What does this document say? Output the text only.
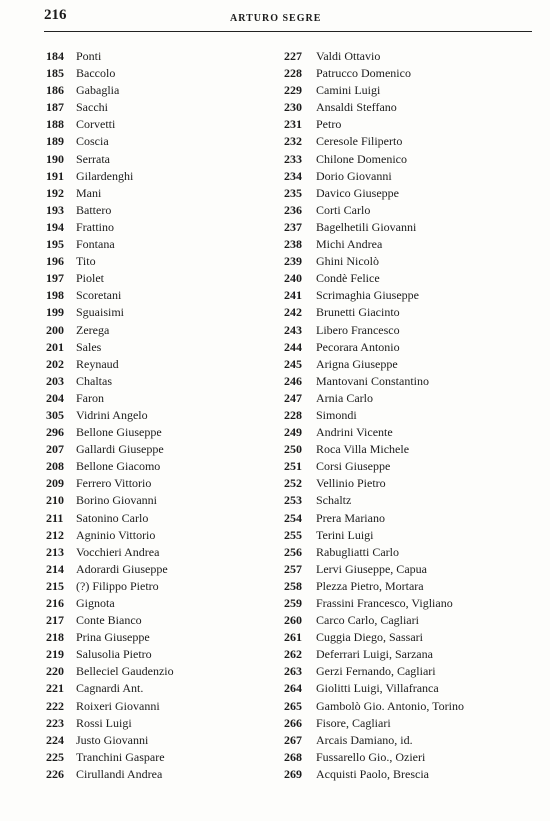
216	ARTURO SEGRE
184 Ponti
185 Baccolo
186 Gabaglia
187 Sacchi
188 Corvetti
189 Coscia
190 Serrata
191 Gilardenghi
192 Mani
193 Battero
194 Frattino
195 Fontana
196 Tito
197 Piolet
198 Scoretani
199 Sguaisimi
200 Zerega
201 Sales
202 Reynaud
203 Chaltas
204 Faron
305 Vidrini Angelo
296 Bellone Giuseppe
207 Gallardi Giuseppe
208 Bellone Giacomo
209 Ferrero Vittorio
210 Borino Giovanni
211 Satonino Carlo
212 Agninio Vittorio
213 Vocchieri Andrea
214 Adorardi Giuseppe
215 (?) Filippo Pietro
216 Gignota
217 Conte Bianco
218 Prina Giuseppe
219 Salusolia Pietro
220 Belleciel Gaudenzio
221 Cagnardi Ant.
222 Roixeri Giovanni
223 Rossi Luigi
224 Justo Giovanni
225 Tranchini Gaspare
226 Cirullandi Andrea
227 Valdi Ottavio
228 Patrucco Domenico
229 Camini Luigi
230 Ansaldi Steffano
231 Petro
232 Ceresole Filiperto
233 Chilone Domenico
234 Dorio Giovanni
235 Davico Giuseppe
236 Corti Carlo
237 Bagelhetili Giovanni
238 Michi Andrea
239 Ghini Nicolò
240 Condè Felice
241 Scrimaghia Giuseppe
242 Brunetti Giacinto
243 Libero Francesco
244 Pecorara Antonio
245 Arigna Giuseppe
246 Mantovani Constantino
247 Arnia Carlo
228 Simondi
249 Andrini Vicente
250 Roca Villa Michele
251 Corsi Giuseppe
252 Vellinio Pietro
253 Schaltz
254 Prera Mariano
255 Terini Luigi
256 Rabugliatti Carlo
257 Lervi Giuseppe, Capua
258 Plezza Pietro, Mortara
259 Frassini Francesco, Vigliano
260 Carco Carlo, Cagliari
261 Cuggia Diego, Sassari
262 Deferrari Luigi, Sarzana
263 Gerzi Fernando, Cagliari
264 Giolitti Luigi, Villafranca
265 Gambolò Gio. Antonio, Torino
266 Fisore, Cagliari
267 Arcais Damiano, id.
268 Fussarello Gio., Ozieri
269 Acquisti Paolo, Brescia
